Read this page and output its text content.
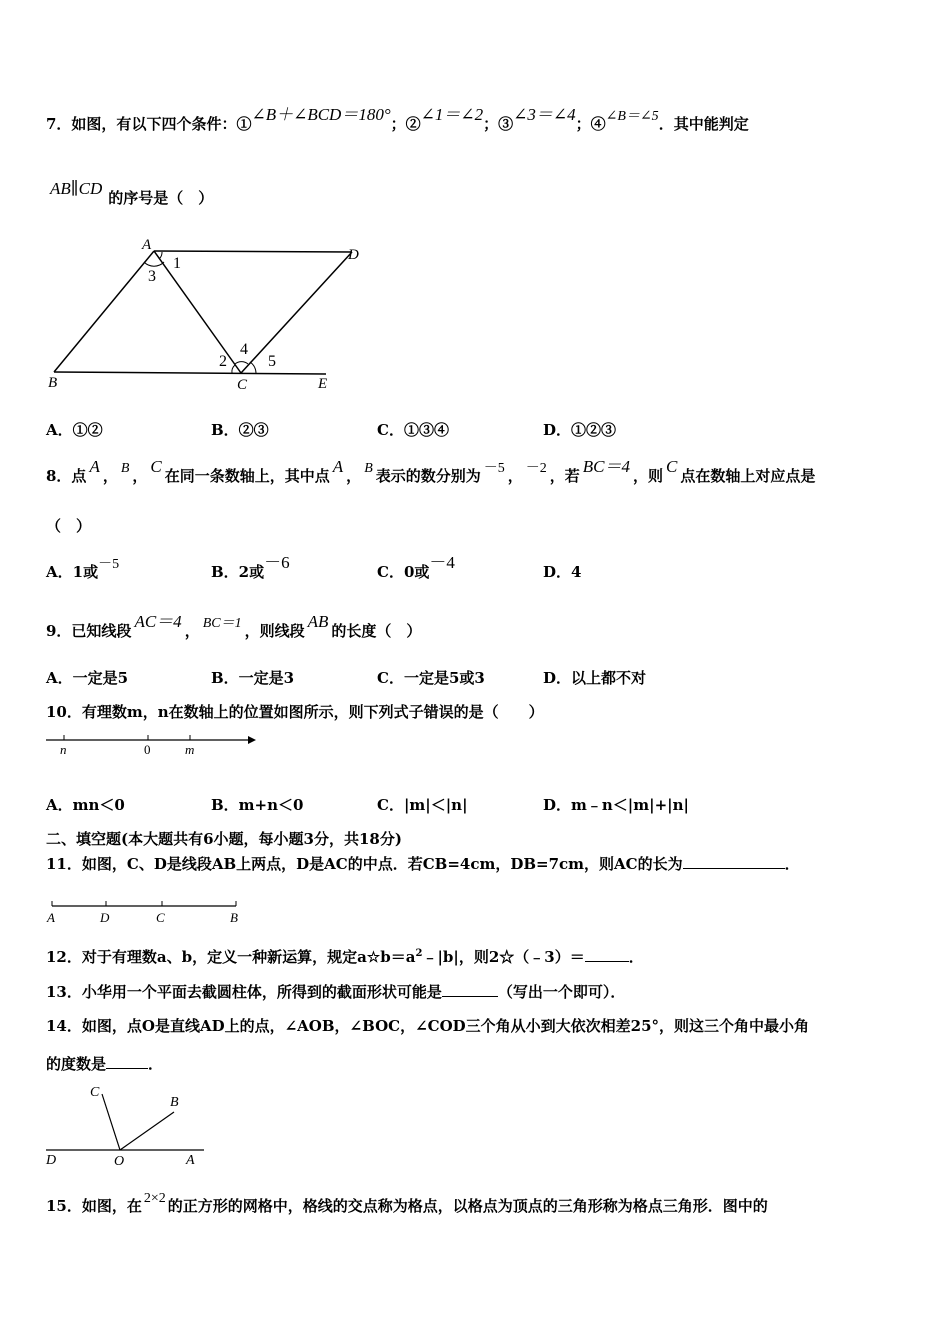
7．如图，有以下四个条件：①∠B＋∠BCD＝180°；②∠1＝∠2；③∠3＝∠4；④∠B＝∠5．其中能判定
AB∥CD 的序号是（　）
A
B	C
D
E
1
2
3
4
5
A．①②	B．②③	C．①③④	D．①②③
8．点 A ， B ， C 在同一条数轴上，其中点 A ， B 表示的数分别为 －5 ， －2 ，若 BC＝4 ，则 C 点在数轴上对应点是
（　）
A．1或－5	B．2或－6	C．0或－4	D．4
9．已知线段 AC＝4 ， BC＝1 ，则线段 AB 的长度（　）
A．一定是5	B．一定是3	C．一定是5或3	D．以上都不对
10．有理数m，n在数轴上的位置如图所示，则下列式子错误的是（　　）
n	0	m
A．mn＜0	B．m+n＜0	C．|m|＜|n|	D．m﹣n＜|m|+|n|
二、填空题(本大题共有6小题，每小题3分，共18分)
11．如图，C、D是线段AB上两点，D是AC的中点．若CB=4cm，DB=7cm，则AC的长为	．
A	D	C	B
12．对于有理数a、b，定义一种新运算，规定$a☆b=a^2﹣|b|$，则2☆（﹣3）＝	．
13．小华用一个平面去截圆柱体，所得到的截面形状可能是	（写出一个即可）．
14．如图，点O是直线AD上的点，∠AOB，∠BOC，∠COD三个角从小到大依次相差25°，则这三个角中最小角
的度数是	．
C
B
D	O	A
15．如图，在 2×2 的正方形的网格中，格线的交点称为格点，以格点为顶点的三角形称为格点三角形．图中的
